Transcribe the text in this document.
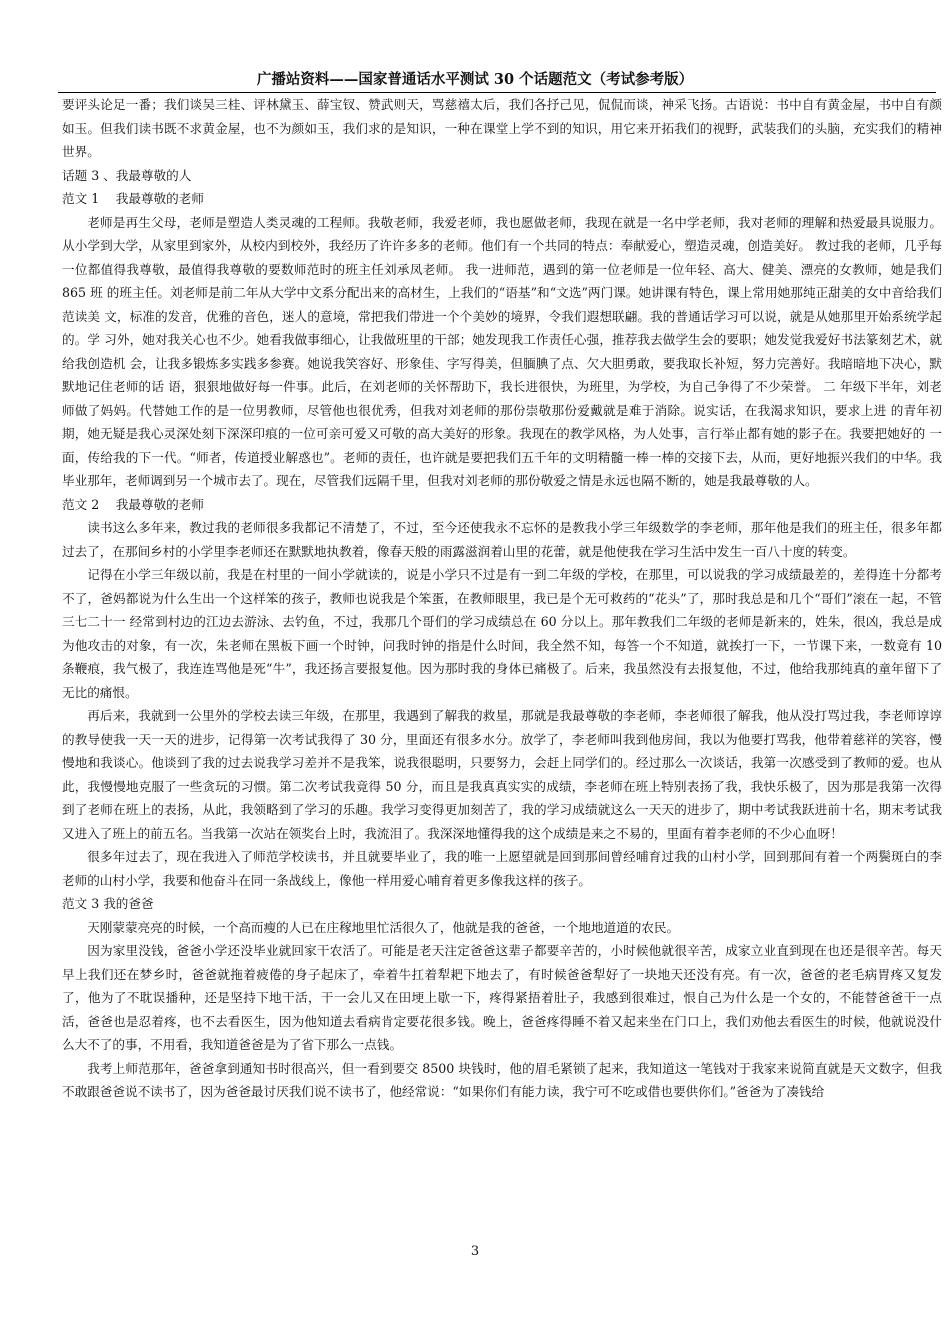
广播站资料——国家普通话水平测试 30 个话题范文（考试参考版）

要评头论足一番；我们谈吴三桂、评林黛玉、薛宝钗、赞武则天，骂慈禧太后，我们各抒己见，侃侃而谈，神采飞扬。古语说：书中自有黄金屋，书中自有颜如玉。但我们读书既不求黄金屋，也不为颜如玉，我们求的是知识，一种在课堂上学不到的知识，用它来开拓我们的视野，武装我们的头脑，充实我们的精神世界。

话题 3 、我最尊敬的人

范文 1　 我最尊敬的老师

老师是再生父母，老师是塑造人类灵魂的工程师。我敬老师，我爱老师，我也愿做老师，我现在就是一名中学老师，我对老师的理解和热爱最具说服力。从小学到大学，从家里到家外，从校内到校外，我经历了许许多多的老师。他们有一个共同的特点：奉献爱心，塑造灵魂，创造美好。 教过我的老师，几乎每一位都值得我尊敬，最值得我尊敬的要数师范时的班主任刘承凤老师。 我一进师范，遇到的第一位老师是一位年轻、高大、健美、漂亮的女教师，她是我们 865 班 的班主任。刘老师是前二年从大学中文系分配出来的高材生，上我们的“语基”和“文选”两门课。她讲课有特色，课上常用她那纯正甜美的女中音给我们范读美 文，标准的发音，优雅的音色，迷人的意境，常把我们带进一个个美妙的境界，令我们遐想联翩。我的普通话学习可以说，就是从她那里开始系统学起的。学 习外，她对我关心也不少。她看我做事细心，让我做班里的干部；她发现我工作责任心强，推荐我去做学生会的要职；她发觉我爱好书法篆刻艺术，就给我创造机 会，让我多锻炼多实践多参赛。她说我笑容好、形象佳、字写得美，但腼腆了点、欠大胆勇敢，要我取长补短，努力完善好。我暗暗地下决心，默默地记住老师的话 语，狠狠地做好每一件事。此后，在刘老师的关怀帮助下，我长进很快，为班里，为学校，为自己争得了不少荣誉。 二 年级下半年，刘老师做了妈妈。代替她工作的是一位男教师，尽管他也很优秀，但我对刘老师的那份崇敬那份爱戴就是难于消除。说实话，在我渴求知识，要求上进 的青年初期，她无疑是我心灵深处刻下深深印痕的一位可亲可爱又可敬的高大美好的形象。我现在的教学风格，为人处事，言行举止都有她的影子在。我要把她好的 一面，传给我的下一代。“师者，传道授业解惑也”。老师的责任，也许就是要把我们五千年的文明精髓一棒一棒的交接下去，从而，更好地振兴我们的中华。我毕业那年，老师调到另一个城市去了。现在，尽管我们远隔千里，但我对刘老师的那份敬爱之情是永远也隔不断的，她是我最尊敬的人。

范文 2　 我最尊敬的老师

读书这么多年来，教过我的老师很多我都记不清楚了，不过，至今还使我永不忘怀的是教我小学三年级数学的李老师，那年他是我们的班主任，很多年都过去了，在那间乡村的小学里李老师还在默默地执教着，像春天般的雨露滋润着山里的花蕾，就是他使我在学习生活中发生一百八十度的转变。

记得在小学三年级以前，我是在村里的一间小学就读的，说是小学只不过是有一到二年级的学校，在那里，可以说我的学习成绩最差的，差得连十分都考不了，爸妈都说为什么生出一个这样笨的孩子，教师也说我是个笨蛋，在教师眼里，我已是个无可救药的“花头”了，那时我总是和几个“哥们”滚在一起，不管三七二十一 经常到村边的江边去游泳、去钓鱼，不过，我那几个哥们的学习成绩总在 60 分以上。那年教我们二年级的老师是新来的，姓朱，很凶，我总是成为他攻击的对象，有一次，朱老师在黑板下画一个时钟，问我时钟的指是什么时间，我全然不知，每答一个不知道，就挨打一下，一节课下来，一数竟有 10 条鞭痕，我气极了，我连连骂他是死“牛”，我还扬言要报复他。因为那时我的身体已痛极了。后来，我虽然没有去报复他，不过，他给我那纯真的童年留下了无比的痛恨。

再后来，我就到一公里外的学校去读三年级，在那里，我遇到了解我的救星，那就是我最尊敬的李老师，李老师很了解我，他从没打骂过我，李老师谆谆的教导使我一天一天的进步，记得第一次考试我得了 30 分，里面还有很多水分。放学了，李老师叫我到他房间，我以为他要打骂我，他带着慈祥的笑容，慢慢地和我谈心。他谈到了我的过去说我学习差并不是我笨，说我很聪明，只要努力，会赶上同学们的。经过那么一次谈话，我第一次感受到了教师的爱。也从此，我慢慢地克服了一些贪玩的习惯。第二次考试我竟得 50 分，而且是我真真实实的成绩，李老师在班上特别表扬了我，我快乐极了，因为那是我第一次得到了老师在班上的表扬，从此，我领略到了学习的乐趣。我学习变得更加刻苦了，我的学习成绩就这么一天天的进步了，期中考试我跃进前十名，期末考试我又进入了班上的前五名。当我第一次站在领奖台上时，我流泪了。我深深地懂得我的这个成绩是来之不易的，里面有着李老师的不少心血呀！

很多年过去了，现在我进入了师范学校读书，并且就要毕业了，我的唯一上愿望就是回到那间曾经哺育过我的山村小学，回到那间有着一个两鬓斑白的李老师的山村小学，我要和他奋斗在同一条战线上，像他一样用爱心哺育着更多像我这样的孩子。

范文 3 我的爸爸

天刚蒙蒙亮亮的时候，一个高而瘦的人已在庄稼地里忙活很久了，他就是我的爸爸，一个地地道道的农民。

因为家里没钱，爸爸小学还没毕业就回家干农活了。可能是老天注定爸爸这辈子都要辛苦的，小时候他就很辛苦，成家立业直到现在也还是很辛苦。每天早上我们还在梦乡时，爸爸就拖着疲倦的身子起床了，牵着牛扛着犁耙下地去了，有时候爸爸犁好了一块地天还没有亮。有一次，爸爸的老毛病胃疼又复发了，他为了不耽误播种，还是坚持下地干活，干一会儿又在田埂上歇一下，疼得紧捂着肚子，我感到很难过，恨自己为什么是一个女的，不能替爸爸干一点活，爸爸也是忍着疼，也不去看医生，因为他知道去看病肯定要花很多钱。晚上，爸爸疼得睡不着又起来坐在门口上，我们劝他去看医生的时候，他就说没什么大不了的事，不用看，我知道爸爸是为了省下那么一点钱。

我考上师范那年，爸爸拿到通知书时很高兴，但一看到要交 8500 块钱时，他的眉毛紧锁了起来，我知道这一笔钱对于我家来说简直就是天文数字，但我不敢跟爸爸说不读书了，因为爸爸最讨厌我们说不读书了，他经常说：“如果你们有能力读，我宁可不吃或借也要供你们。”爸爸为了凑钱给

3
